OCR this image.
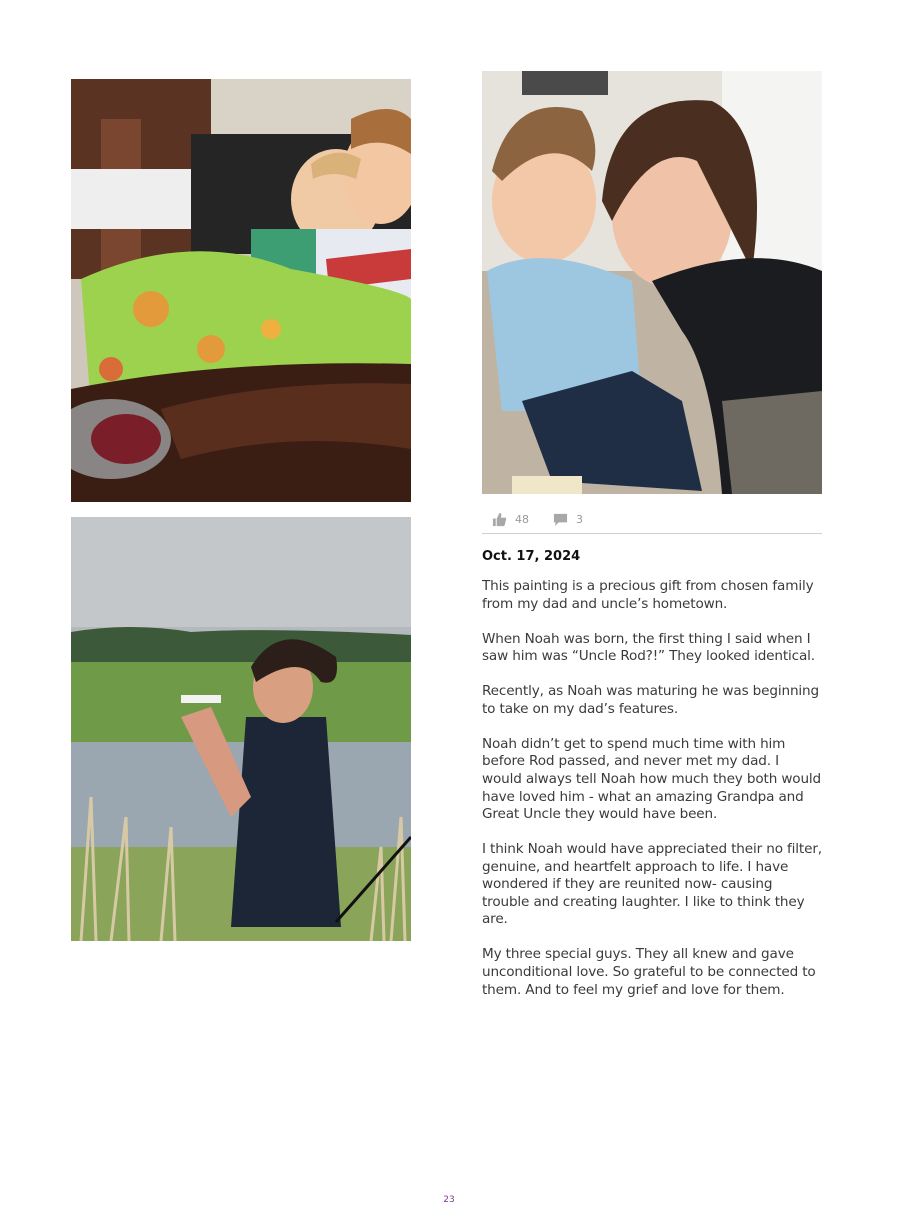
48	3
Oct. 17, 2024

This painting is a precious gift from chosen family
from my dad and uncle’s hometown.

When Noah was born, the first thing I said when I
saw him was “Uncle Rod?!” They looked identical.

Recently, as Noah was maturing he was beginning
to take on my dad’s features.

Noah didn’t get to spend much time with him
before Rod passed, and never met my dad. I
would always tell Noah how much they both would
have loved him - what an amazing Grandpa and
Great Uncle they would have been.

I think Noah would have appreciated their no filter,
genuine, and heartfelt approach to life. I have
wondered if they are reunited now- causing
trouble and creating laughter. I like to think they
are.

My three special guys. They all knew and gave
unconditional love. So grateful to be connected to
them. And to feel my grief and love for them.

23
